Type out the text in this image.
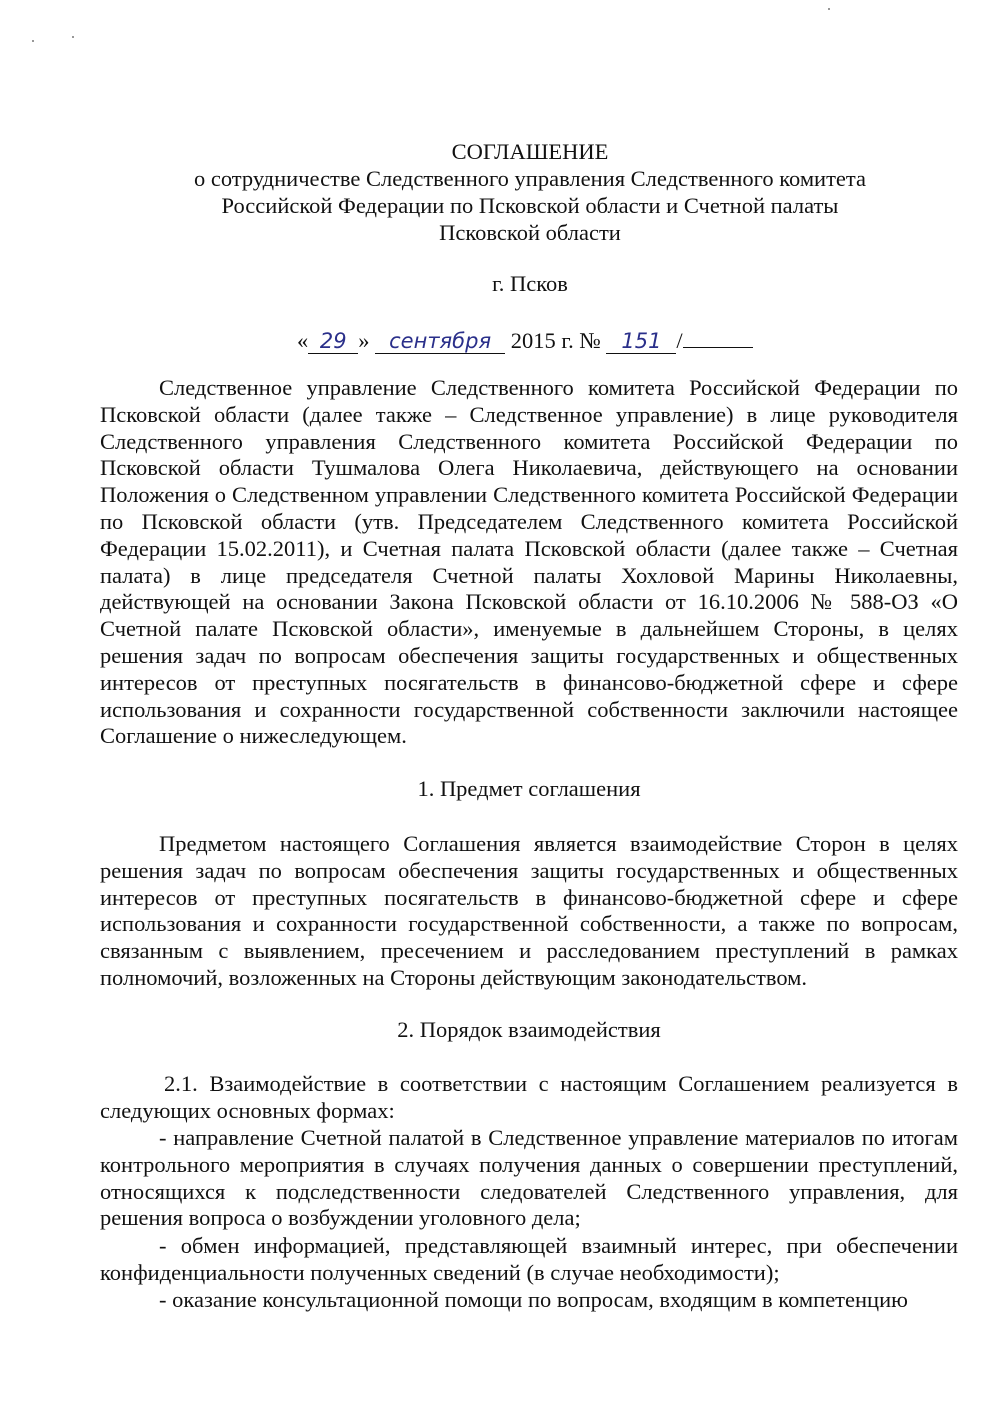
СОГЛАШЕНИЕ

о сотрудничестве Следственного управления Следственного комитета

Российской Федерации по Псковской области и Счетной палаты

Псковской области

г. Псков

« 29 » сентября 2015 г. № 151 /

Следственное управление Следственного комитета Российской Федерации по Псковской области (далее также – Следственное управление) в лице руководителя Следственного управления Следственного комитета Российской Федерации по Псковской области Тушмалова Олега Николаевича, действующего на основании Положения о Следственном управлении Следственного комитета Российской Федерации по Псковской области (утв. Председателем Следственного комитета Российской Федерации 15.02.2011), и Счетная палата Псковской области (далее также – Счетная палата) в лице председателя Счетной палаты Хохловой Марины Николаевны, действующей на основании Закона Псковской области от 16.10.2006 № 588-ОЗ «О Счетной палате Псковской области», именуемые в дальнейшем Стороны, в целях решения задач по вопросам обеспечения защиты государственных и общественных интересов от преступных посягательств в финансово-бюджетной сфере и сфере использования и сохранности государственной собственности заключили настоящее Соглашение о нижеследующем.

1. Предмет соглашения

Предметом настоящего Соглашения является взаимодействие Сторон в целях решения задач по вопросам обеспечения защиты государственных и общественных интересов от преступных посягательств в финансово-бюджетной сфере и сфере использования и сохранности государственной собственности, а также по вопросам, связанным с выявлением, пресечением и расследованием преступлений в рамках полномочий, возложенных на Стороны действующим законодательством.

2. Порядок взаимодействия

2.1. Взаимодействие в соответствии с настоящим Соглашением реализуется в следующих основных формах:

- направление Счетной палатой в Следственное управление материалов по итогам контрольного мероприятия в случаях получения данных о совершении преступлений, относящихся к подследственности следователей Следственного управления, для решения вопроса о возбуждении уголовного дела;

- обмен информацией, представляющей взаимный интерес, при обеспечении конфиденциальности полученных сведений (в случае необходимости);

- оказание консультационной помощи по вопросам, входящим в компетенцию
